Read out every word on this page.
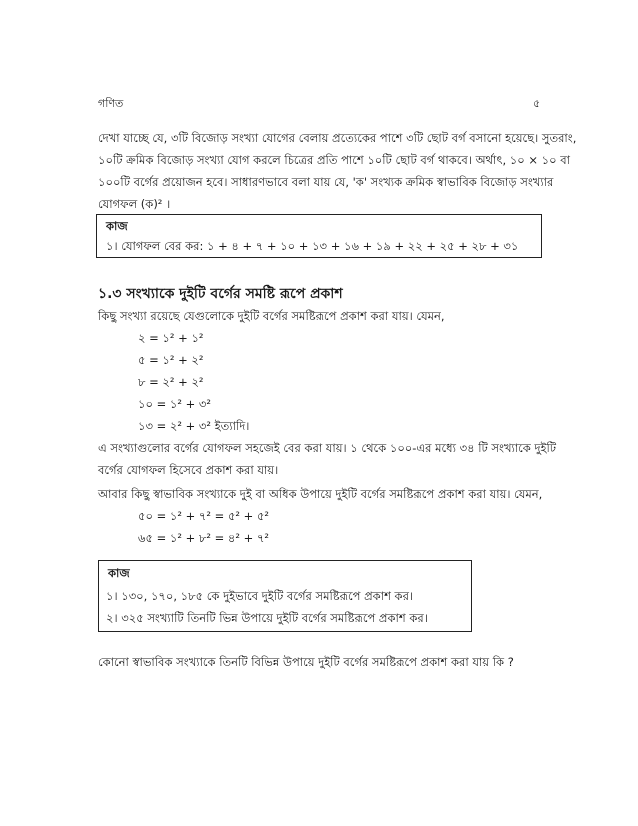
গণিত	৫
দেখা যাচ্ছে যে, ৩টি বিজোড় সংখ্যা যোগের বেলায় প্রত্যেকের পাশে ৩টি ছোট বর্গ বসানো হয়েছে। সুতরাং,
১০টি ক্রমিক বিজোড় সংখ্যা যোগ করলে চিত্রের প্রতি পাশে ১০টি ছোট বর্গ থাকবে। অর্থাৎ, ১০ × ১০ বা
১০০টি বর্গের প্রয়োজন হবে। সাধারণভাবে বলা যায় যে, 'ক' সংখ্যক ক্রমিক স্বাভাবিক বিজোড় সংখ্যার
যোগফল (ক)² ।
কাজ
১। যোগফল বের কর: ১ + ৪ + ৭ + ১০ + ১৩ + ১৬ + ১৯ + ২২ + ২৫ + ২৮ + ৩১
১.৩ সংখ্যাকে দুইটি বর্গের সমষ্টি রূপে প্রকাশ
কিছু সংখ্যা রয়েছে যেগুলোকে দুইটি বর্গের সমষ্টিরূপে প্রকাশ করা যায়। যেমন,
২ = ১² + ১²
৫ = ১² + ২²
৮ = ২² + ২²
১০ = ১² + ৩²
১৩ = ২² + ৩² ইত্যাদি।
এ সংখ্যাগুলোর বর্গের যোগফল সহজেই বের করা যায়। ১ থেকে ১০০-এর মধ্যে ৩৪ টি সংখ্যাকে দুইটি
বর্গের যোগফল হিসেবে প্রকাশ করা যায়।
আবার কিছু স্বাভাবিক সংখ্যাকে দুই বা অধিক উপায়ে দুইটি বর্গের সমষ্টিরূপে প্রকাশ করা যায়। যেমন,
৫০ = ১² + ৭² = ৫² + ৫²
৬৫ = ১² + ৮² = ৪² + ৭²
কাজ
১। ১৩০, ১৭০, ১৮৫ কে দুইভাবে দুইটি বর্গের সমষ্টিরূপে প্রকাশ কর।
২। ৩২৫ সংখ্যাটি তিনটি ভিন্ন উপায়ে দুইটি বর্গের সমষ্টিরূপে প্রকাশ কর।
কোনো স্বাভাবিক সংখ্যাকে তিনটি বিভিন্ন উপায়ে দুইটি বর্গের সমষ্টিরূপে প্রকাশ করা যায় কি ?
